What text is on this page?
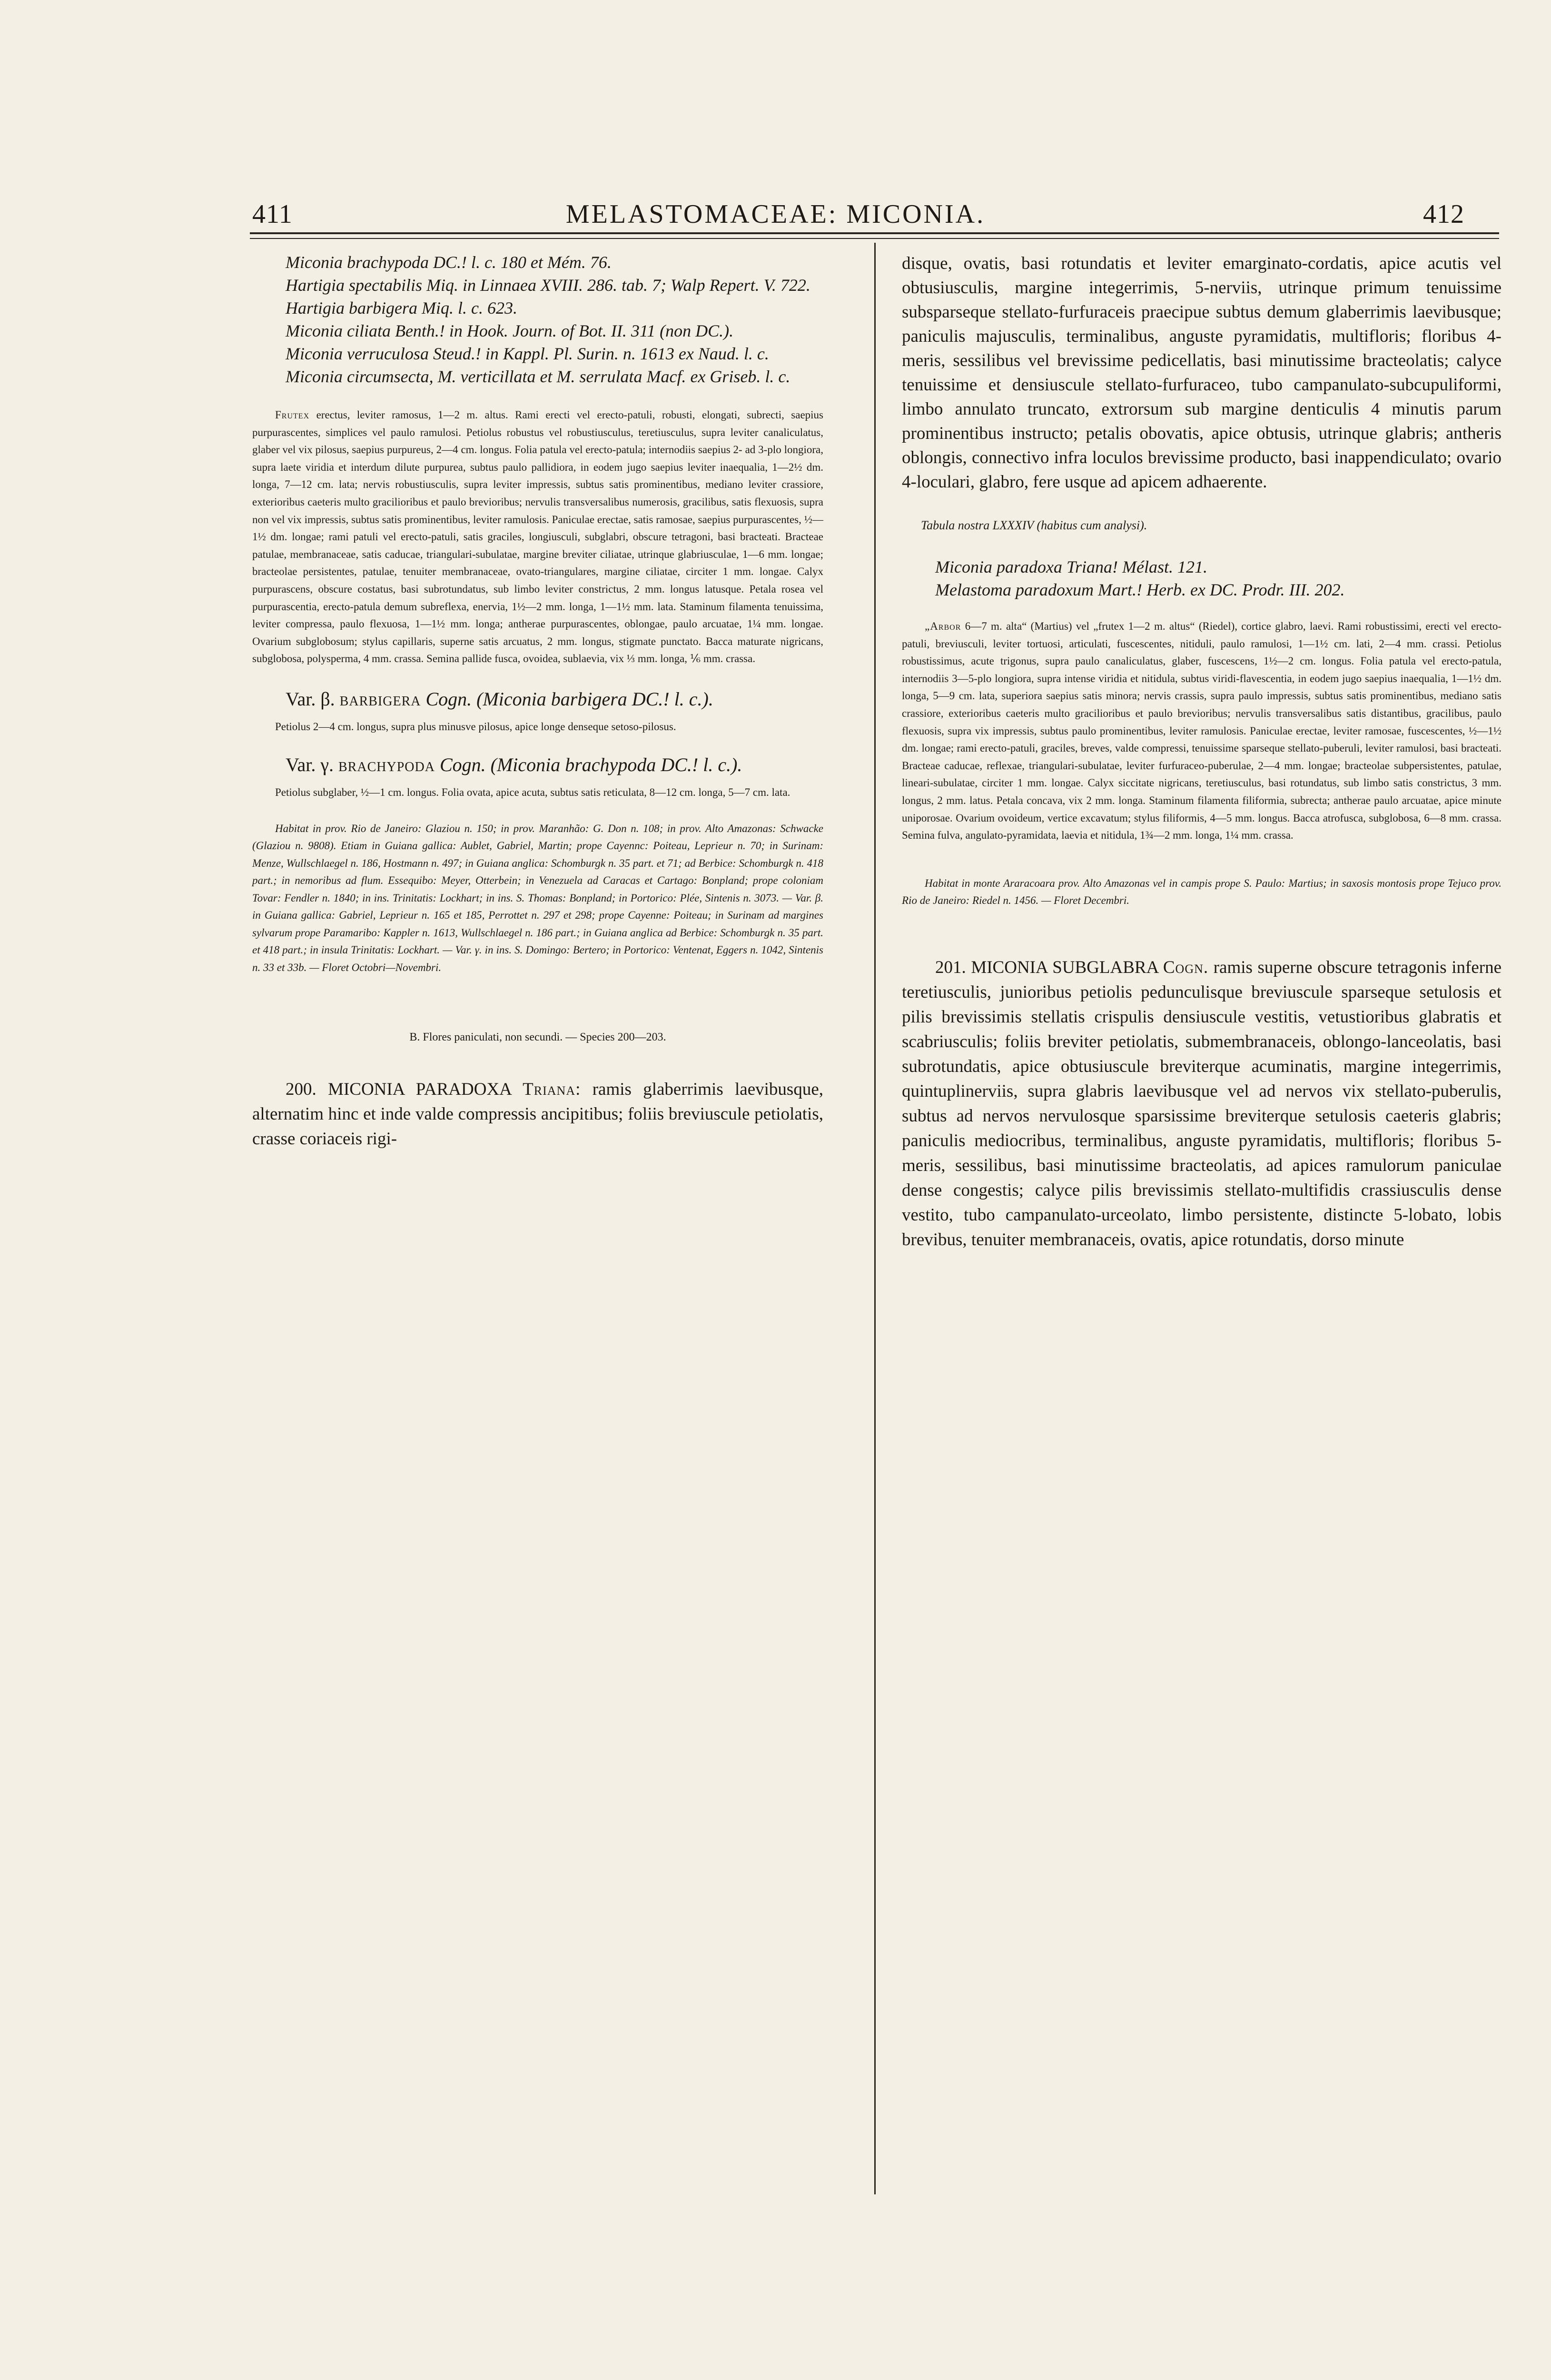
411	MELASTOMACEAE: MICONIA.	412

Miconia brachypoda DC.! l. c. 180 et Mém. 76.

Hartigia spectabilis Miq. in Linnaea XVIII. 286. tab. 7; Walp Repert. V. 722.

Hartigia barbigera Miq. l. c. 623.

Miconia ciliata Benth.! in Hook. Journ. of Bot. II. 311 (non DC.).

Miconia verruculosa Steud.! in Kappl. Pl. Surin. n. 1613 ex Naud. l. c.

Miconia circumsecta, M. verticillata et M. serrulata Macf. ex Griseb. l. c.

Frutex erectus, leviter ramosus, 1—2 m. altus. Rami erecti vel erecto-patuli, robusti, elongati, subrecti, saepius purpurascentes, simplices vel paulo ramulosi. Petiolus robustus vel robustiusculus, teretiusculus, supra leviter canaliculatus, glaber vel vix pilosus, saepius purpureus, 2—4 cm. longus. Folia patula vel erecto-patula; internodiis saepius 2- ad 3-plo longiora, supra laete viridia et interdum dilute purpurea, subtus paulo pallidiora, in eodem jugo saepius leviter inaequalia, 1—2½ dm. longa, 7—12 cm. lata; nervis robustiusculis, supra leviter impressis, subtus satis prominentibus, mediano leviter crassiore, exterioribus caeteris multo gracilioribus et paulo brevioribus; nervulis transversalibus numerosis, gracilibus, satis flexuosis, supra non vel vix impressis, subtus satis prominentibus, leviter ramulosis. Paniculae erectae, satis ramosae, saepius purpurascentes, ½—1½ dm. longae; rami patuli vel erecto-patuli, satis graciles, longiusculi, subglabri, obscure tetragoni, basi bracteati. Bracteae patulae, membranaceae, satis caducae, triangulari-subulatae, margine breviter ciliatae, utrinque glabriusculae, 1—6 mm. longae; bracteolae persistentes, patulae, tenuiter membranaceae, ovato-triangulares, margine ciliatae, circiter 1 mm. longae. Calyx purpurascens, obscure costatus, basi subrotundatus, sub limbo leviter constrictus, 2 mm. longus latusque. Petala rosea vel purpurascentia, erecto-patula demum subreflexa, enervia, 1½—2 mm. longa, 1—1½ mm. lata. Staminum filamenta tenuissima, leviter compressa, paulo flexuosa, 1—1½ mm. longa; antherae purpurascentes, oblongae, paulo arcuatae, 1¼ mm. longae. Ovarium subglobosum; stylus capillaris, superne satis arcuatus, 2 mm. longus, stigmate punctato. Bacca maturate nigricans, subglobosa, polysperma, 4 mm. crassa. Semina pallide fusca, ovoidea, sublaevia, vix ⅓ mm. longa, ⅙ mm. crassa.

Var. β. barbigera Cogn. (Miconia barbigera DC.! l. c.).

Petiolus 2—4 cm. longus, supra plus minusve pilosus, apice longe denseque setoso-pilosus.

Var. γ. brachypoda Cogn. (Miconia brachypoda DC.! l. c.).

Petiolus subglaber, ½—1 cm. longus. Folia ovata, apice acuta, subtus satis reticulata, 8—12 cm. longa, 5—7 cm. lata.

Habitat in prov. Rio de Janeiro: Glaziou n. 150; in prov. Maranhão: G. Don n. 108; in prov. Alto Amazonas: Schwacke (Glaziou n. 9808). Etiam in Guiana gallica: Aublet, Gabriel, Martin; prope Cayennc: Poiteau, Leprieur n. 70; in Surinam: Menze, Wullschlaegel n. 186, Hostmann n. 497; in Guiana anglica: Schomburgk n. 35 part. et 71; ad Berbice: Schomburgk n. 418 part.; in nemoribus ad flum. Essequibo: Meyer, Otterbein; in Venezuela ad Caracas et Cartago: Bonpland; prope coloniam Tovar: Fendler n. 1840; in ins. Trinitatis: Lockhart; in ins. S. Thomas: Bonpland; in Portorico: Plée, Sintenis n. 3073. — Var. β. in Guiana gallica: Gabriel, Leprieur n. 165 et 185, Perrottet n. 297 et 298; prope Cayenne: Poiteau; in Surinam ad margines sylvarum prope Paramaribo: Kappler n. 1613, Wullschlaegel n. 186 part.; in Guiana anglica ad Berbice: Schomburgk n. 35 part. et 418 part.; in insula Trinitatis: Lockhart. — Var. γ. in ins. S. Domingo: Bertero; in Portorico: Ventenat, Eggers n. 1042, Sintenis n. 33 et 33b. — Floret Octobri—Novembri.

B. Flores paniculati, non secundi. — Species 200—203.

200. MICONIA PARADOXA Triana: ramis glaberrimis laevibusque, alternatim hinc et inde valde compressis ancipitibus; foliis breviuscule petiolatis, crasse coriaceis rigi-

disque, ovatis, basi rotundatis et leviter emarginato-cordatis, apice acutis vel obtusiusculis, margine integerrimis, 5-nerviis, utrinque primum tenuissime subsparseque stellato-furfuraceis praecipue subtus demum glaberrimis laevibusque; paniculis majusculis, terminalibus, anguste pyramidatis, multifloris; floribus 4-meris, sessilibus vel brevissime pedicellatis, basi minutissime bracteolatis; calyce tenuissime et densiuscule stellato-furfuraceo, tubo campanulato-subcupuliformi, limbo annulato truncato, extrorsum sub margine denticulis 4 minutis parum prominentibus instructo; petalis obovatis, apice obtusis, utrinque glabris; antheris oblongis, connectivo infra loculos brevissime producto, basi inappendiculato; ovario 4-loculari, glabro, fere usque ad apicem adhaerente.

Tabula nostra LXXXIV (habitus cum analysi).

Miconia paradoxa Triana! Mélast. 121.

Melastoma paradoxum Mart.! Herb. ex DC. Prodr. III. 202.

„Arbor 6—7 m. alta“ (Martius) vel „frutex 1—2 m. altus“ (Riedel), cortice glabro, laevi. Rami robustissimi, erecti vel erecto-patuli, breviusculi, leviter tortuosi, articulati, fuscescentes, nitiduli, paulo ramulosi, 1—1½ cm. lati, 2—4 mm. crassi. Petiolus robustissimus, acute trigonus, supra paulo canaliculatus, glaber, fuscescens, 1½—2 cm. longus. Folia patula vel erecto-patula, internodiis 3—5-plo longiora, supra intense viridia et nitidula, subtus viridi-flavescentia, in eodem jugo saepius inaequalia, 1—1½ dm. longa, 5—9 cm. lata, superiora saepius satis minora; nervis crassis, supra paulo impressis, subtus satis prominentibus, mediano satis crassiore, exterioribus caeteris multo gracilioribus et paulo brevioribus; nervulis transversalibus satis distantibus, gracilibus, paulo flexuosis, supra vix impressis, subtus paulo prominentibus, leviter ramulosis. Paniculae erectae, leviter ramosae, fuscescentes, ½—1½ dm. longae; rami erecto-patuli, graciles, breves, valde compressi, tenuissime sparseque stellato-puberuli, leviter ramulosi, basi bracteati. Bracteae caducae, reflexae, triangulari-subulatae, leviter furfuraceo-puberulae, 2—4 mm. longae; bracteolae subpersistentes, patulae, lineari-subulatae, circiter 1 mm. longae. Calyx siccitate nigricans, teretiusculus, basi rotundatus, sub limbo satis constrictus, 3 mm. longus, 2 mm. latus. Petala concava, vix 2 mm. longa. Staminum filamenta filiformia, subrecta; antherae paulo arcuatae, apice minute uniporosae. Ovarium ovoideum, vertice excavatum; stylus filiformis, 4—5 mm. longus. Bacca atrofusca, subglobosa, 6—8 mm. crassa. Semina fulva, angulato-pyramidata, laevia et nitidula, 1¾—2 mm. longa, 1¼ mm. crassa.

Habitat in monte Araracoara prov. Alto Amazonas vel in campis prope S. Paulo: Martius; in saxosis montosis prope Tejuco prov. Rio de Janeiro: Riedel n. 1456. — Floret Decembri.

201. MICONIA SUBGLABRA Cogn. ramis superne obscure tetragonis inferne teretiusculis, junioribus petiolis pedunculisque breviuscule sparseque setulosis et pilis brevissimis stellatis crispulis densiuscule vestitis, vetustioribus glabratis et scabriusculis; foliis breviter petiolatis, submembranaceis, oblongo-lanceolatis, basi subrotundatis, apice obtusiuscule breviterque acuminatis, margine integerrimis, quintuplinerviis, supra glabris laevibusque vel ad nervos vix stellato-puberulis, subtus ad nervos nervulosque sparsissime breviterque setulosis caeteris glabris; paniculis mediocribus, terminalibus, anguste pyramidatis, multifloris; floribus 5-meris, sessilibus, basi minutissime bracteolatis, ad apices ramulorum paniculae dense congestis; calyce pilis brevissimis stellato-multifidis crassiusculis dense vestito, tubo campanulato-urceolato, limbo persistente, distincte 5-lobato, lobis brevibus, tenuiter membranaceis, ovatis, apice rotundatis, dorso minute
